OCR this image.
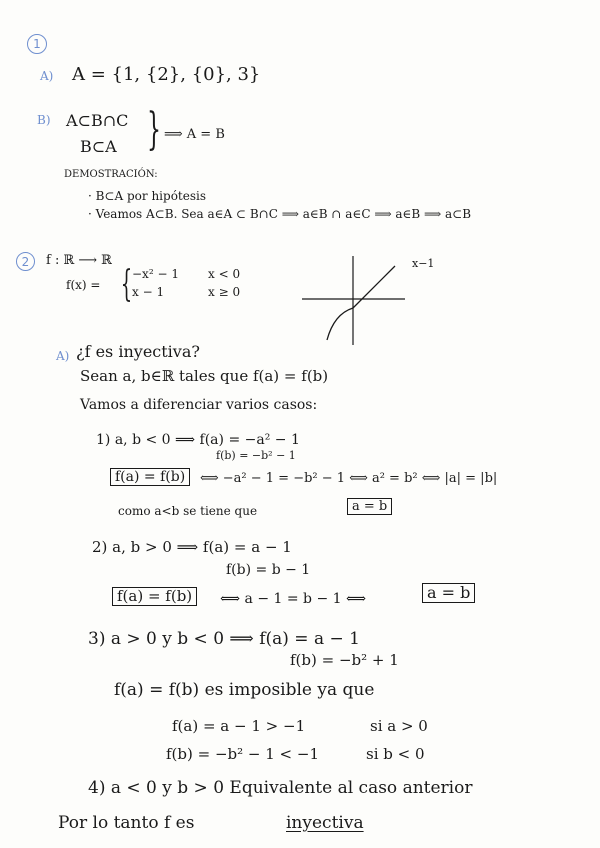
1
A) A = {1, {2}, {0}, 3}
B) A⊂B∩C
B⊂A } ⟹ A = B
DEMOSTRACIÓN:
· B⊂A por hipótesis
· Veamos A⊂B. Sea a∈A ⊂ B∩C ⟹ a∈B ∩ a∈C ⟹ a∈B ⟹ a⊂B
2	f : ℝ ⟶ ℝ
f(x) = { −x² − 1 x < 0
x − 1	x ≥ 0
x−1
A) ¿f es inyectiva?
Sean a, b∈ℝ tales que f(a) = f(b)
Vamos a diferenciar varios casos:
1) a, b < 0 ⟹ f(a) = −a² − 1
f(b) = −b² − 1
f(a) = f(b)	⟺ −a² − 1 = −b² − 1 ⟺ a² = b² ⟺ |a| = |b|
como a<b se tiene que	a = b
2) a, b > 0 ⟹ f(a) = a − 1
f(b) = b − 1
f(a) = f(b)	⟺ a − 1 = b − 1 ⟺	a = b
3) a > 0 y b < 0 ⟹ f(a) = a − 1
f(b) = −b² + 1
f(a) = f(b) es imposible ya que
f(a) = a − 1 > −1	si a > 0
f(b) = −b² − 1 < −1	si b < 0
4) a < 0 y b > 0 Equivalente al caso anterior
Por lo tanto f es	inyectiva
